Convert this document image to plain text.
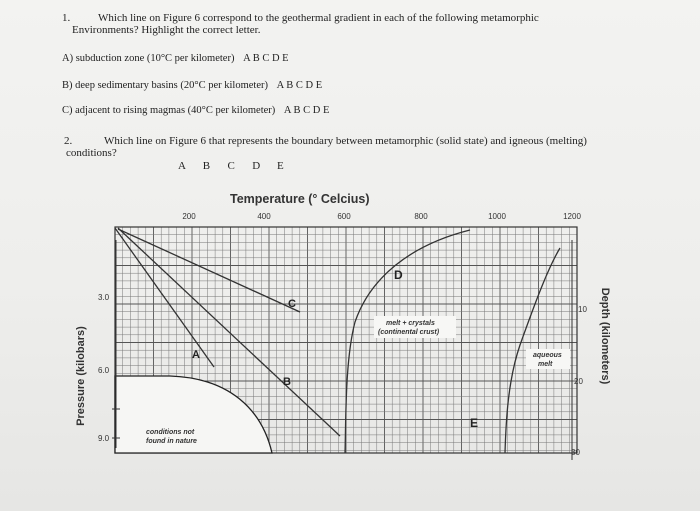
1.	Which line on Figure 6 correspond to the geothermal gradient in each of the following metamorphic
Environments? Highlight the correct letter.
A) subduction zone (10°C per kilometer) A B C D E
B) deep sedimentary basins (20°C per kilometer) A B C D E
C) adjacent to rising magmas (40°C per kilometer) A B C D E
2.	Which line on Figure 6 that represents the boundary between metamorphic (solid state) and igneous (melting)
conditions?
A B C D E
Temperature (° Celcius)
A
B
C
D
E
conditions not
found in nature
melt + crystals
(continental crust)
aqueous
melt
200	400	600	800	1000	1200
3.0
6.0
9.0
Pressure (kilobars)
10
20
30
Depth (kilometers)
